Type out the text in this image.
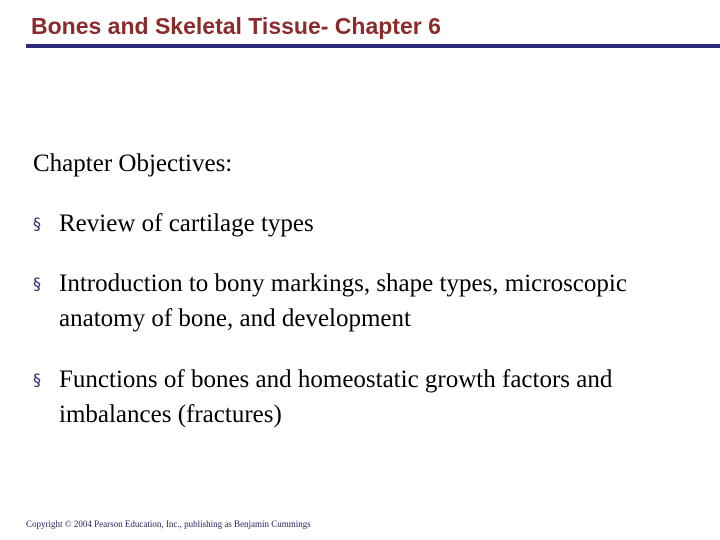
Bones and Skeletal Tissue- Chapter 6
Chapter Objectives:
§ Review of cartilage types
§ Introduction to bony markings, shape types, microscopic anatomy of bone, and development
§ Functions of bones and homeostatic growth factors and imbalances (fractures)
Copyright © 2004 Pearson Education, Inc., publishing as Benjamin Cummings
